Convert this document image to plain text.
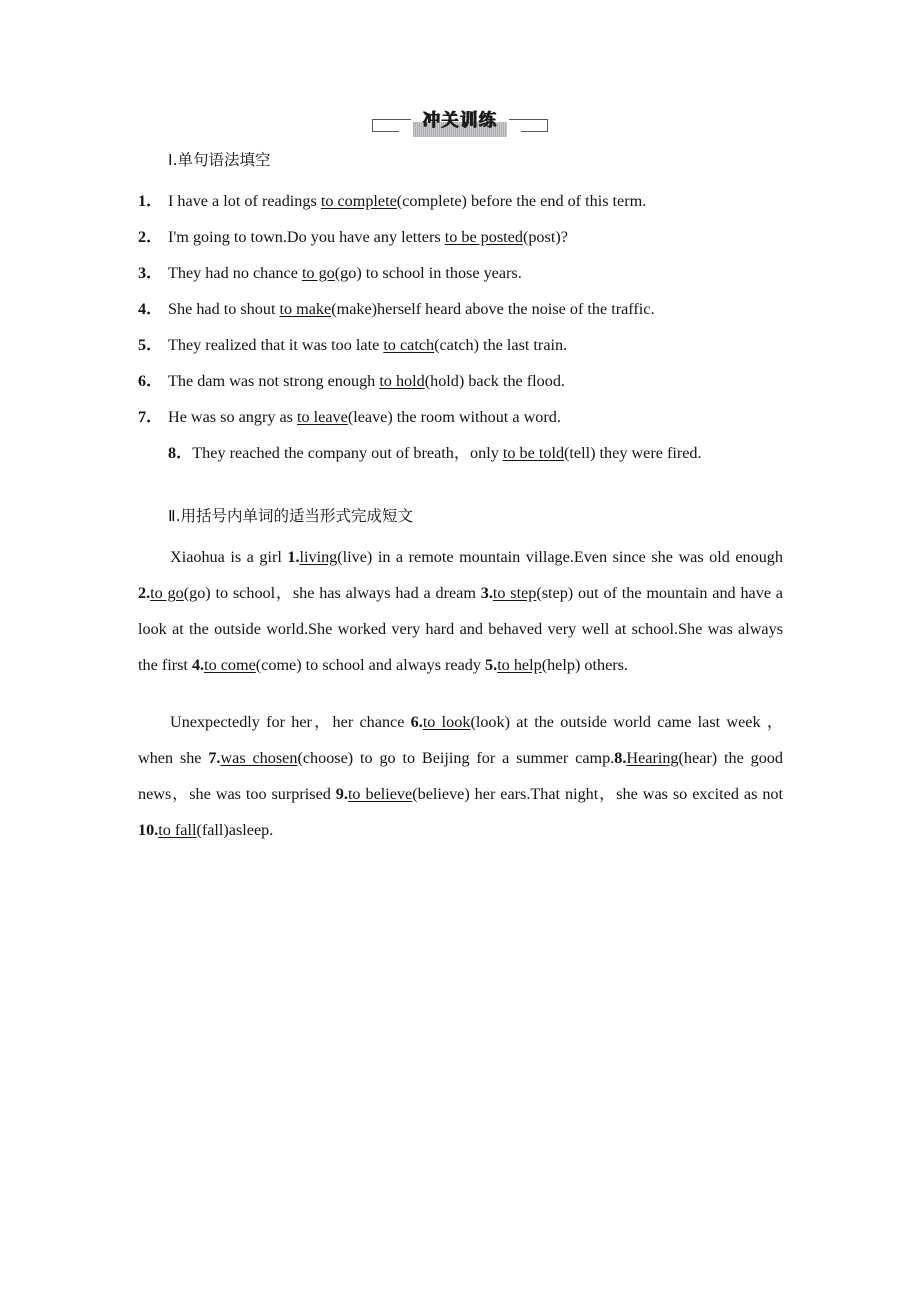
冲关训练
Ⅰ.单句语法填空
1． I have a lot of readings to complete(complete) before the end of this term.
2． I'm going to town.Do you have any letters to be posted(post)?
3． They had no chance to go(go) to school in those years.
4． She had to shout to make(make)herself heard above the noise of the traffic.
5． They realized that it was too late to catch(catch) the last train.
6． The dam was not strong enough to hold(hold) back the flood.
7． He was so angry as to leave(leave) the room without a word.
8．They reached the company out of breath，only to be told(tell) they were fired.
Ⅱ.用括号内单词的适当形式完成短文
Xiaohua is a girl 1.living(live) in a remote mountain village.Even since she was old enough 2.to go(go) to school，she has always had a dream 3.to step(step) out of the mountain and have a look at the outside world.She worked very hard and behaved very well at school.She was always the first 4.to come(come) to school and always ready 5.to help(help) others.
Unexpectedly for her，her chance 6.to look(look) at the outside world came last week ，when she 7.was chosen(choose) to go to Beijing for a summer camp.8.Hearing(hear) the good news，she was too surprised 9.to believe(believe) her ears.That night，she was so excited as not 10.to fall(fall)asleep.
